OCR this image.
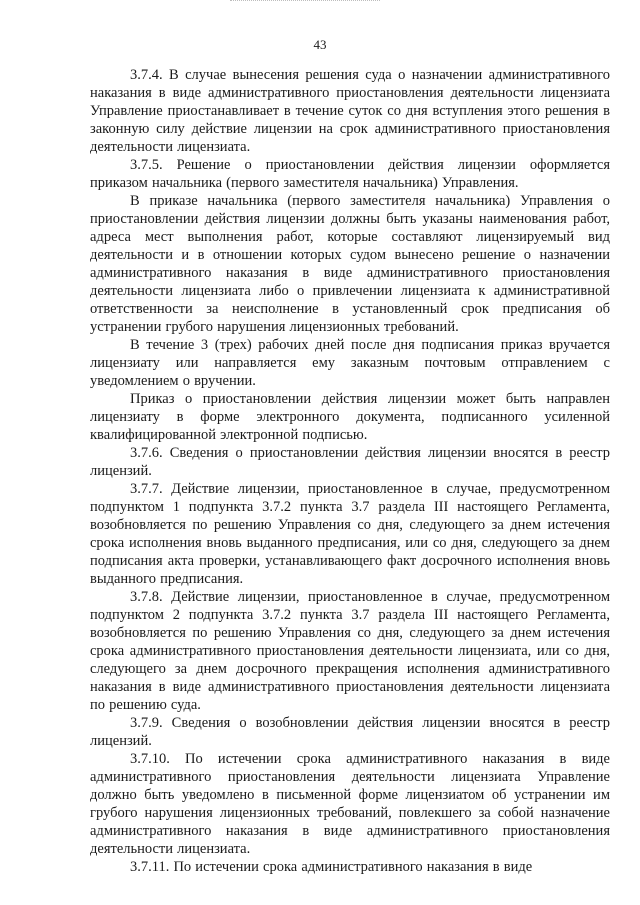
43

3.7.4. В случае вынесения решения суда о назначении административного наказания в виде административного приостановления деятельности лицензиата Управление приостанавливает в течение суток со дня вступления этого решения в законную силу действие лицензии на срок административного приостановления деятельности лицензиата.

3.7.5. Решение о приостановлении действия лицензии оформляется приказом начальника (первого заместителя начальника) Управления.

В приказе начальника (первого заместителя начальника) Управления о приостановлении действия лицензии должны быть указаны наименования работ, адреса мест выполнения работ, которые составляют лицензируемый вид деятельности и в отношении которых судом вынесено решение о назначении административного наказания в виде административного приостановления деятельности лицензиата либо о привлечении лицензиата к административной ответственности за неисполнение в установленный срок предписания об устранении грубого нарушения лицензионных требований.

В течение 3 (трех) рабочих дней после дня подписания приказ вручается лицензиату или направляется ему заказным почтовым отправлением с уведомлением о вручении.

Приказ о приостановлении действия лицензии может быть направлен лицензиату в форме электронного документа, подписанного усиленной квалифицированной электронной подписью.

3.7.6. Сведения о приостановлении действия лицензии вносятся в реестр лицензий.

3.7.7. Действие лицензии, приостановленное в случае, предусмотренном подпунктом 1 подпункта 3.7.2 пункта 3.7 раздела III настоящего Регламента, возобновляется по решению Управления со дня, следующего за днем истечения срока исполнения вновь выданного предписания, или со дня, следующего за днем подписания акта проверки, устанавливающего факт досрочного исполнения вновь выданного предписания.

3.7.8. Действие лицензии, приостановленное в случае, предусмотренном подпунктом 2 подпункта 3.7.2 пункта 3.7 раздела III настоящего Регламента, возобновляется по решению Управления со дня, следующего за днем истечения срока административного приостановления деятельности лицензиата, или со дня, следующего за днем досрочного прекращения исполнения административного наказания в виде административного приостановления деятельности лицензиата по решению суда.

3.7.9. Сведения о возобновлении действия лицензии вносятся в реестр лицензий.

3.7.10. По истечении срока административного наказания в виде административного приостановления деятельности лицензиата Управление должно быть уведомлено в письменной форме лицензиатом об устранении им грубого нарушения лицензионных требований, повлекшего за собой назначение административного наказания в виде административного приостановления деятельности лицензиата.

3.7.11. По истечении срока административного наказания в виде
